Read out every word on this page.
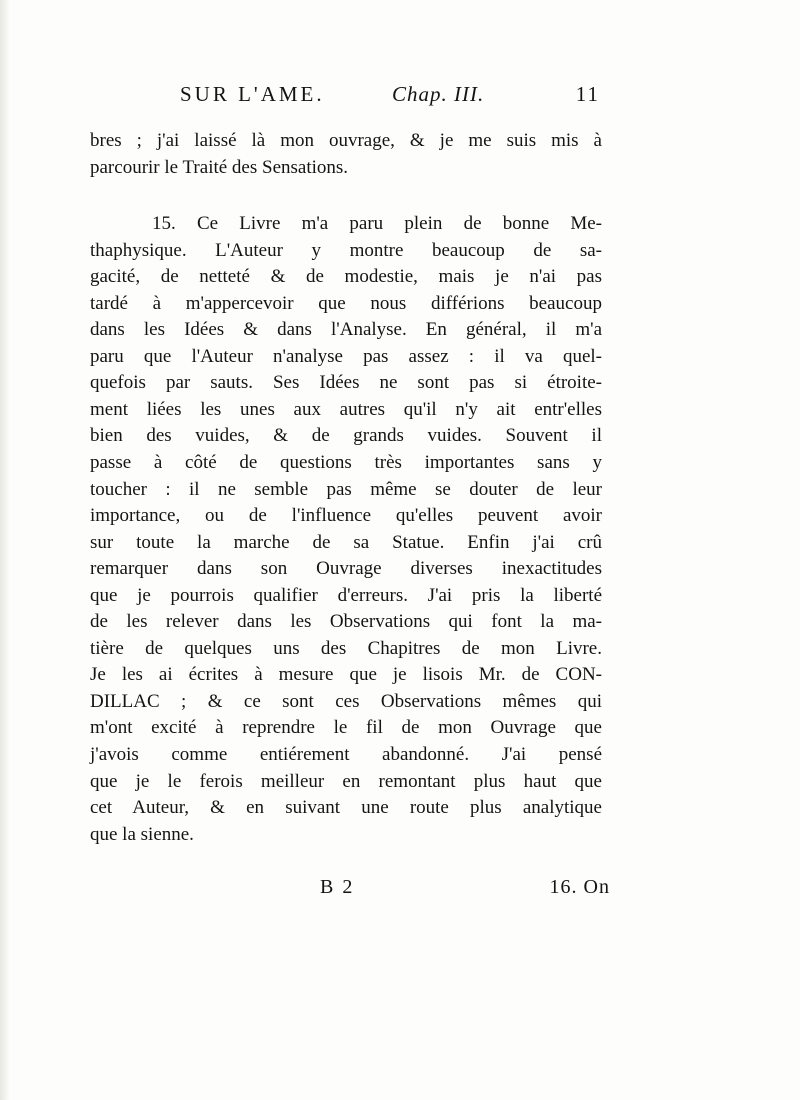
SUR L'AME.	Chap. III.	11
bres ; j'ai laissé là mon ouvrage, & je me suis mis à
parcourir le Traité des Sensations.
15. Ce Livre m'a paru plein de bonne Me-
thaphysique. L'Auteur y montre beaucoup de sa-
gacité, de netteté & de modestie, mais je n'ai pas
tardé à m'appercevoir que nous différions beaucoup
dans les Idées & dans l'Analyse. En général, il m'a
paru que l'Auteur n'analyse pas assez : il va quel-
quefois par sauts. Ses Idées ne sont pas si étroite-
ment liées les unes aux autres qu'il n'y ait entr'elles
bien des vuides, & de grands vuides. Souvent il
passe à côté de questions très importantes sans y
toucher : il ne semble pas même se douter de leur
importance, ou de l'influence qu'elles peuvent avoir
sur toute la marche de sa Statue. Enfin j'ai crû
remarquer dans son Ouvrage diverses inexactitudes
que je pourrois qualifier d'erreurs. J'ai pris la liberté
de les relever dans les Observations qui font la ma-
tière de quelques uns des Chapitres de mon Livre.
Je les ai écrites à mesure que je lisois Mr. de CON-
DILLAC ; & ce sont ces Observations mêmes qui
m'ont excité à reprendre le fil de mon Ouvrage que
j'avois comme entiérement abandonné. J'ai pensé
que je le ferois meilleur en remontant plus haut que
cet Auteur, & en suivant une route plus analytique
que la sienne.
B 2	16. On
